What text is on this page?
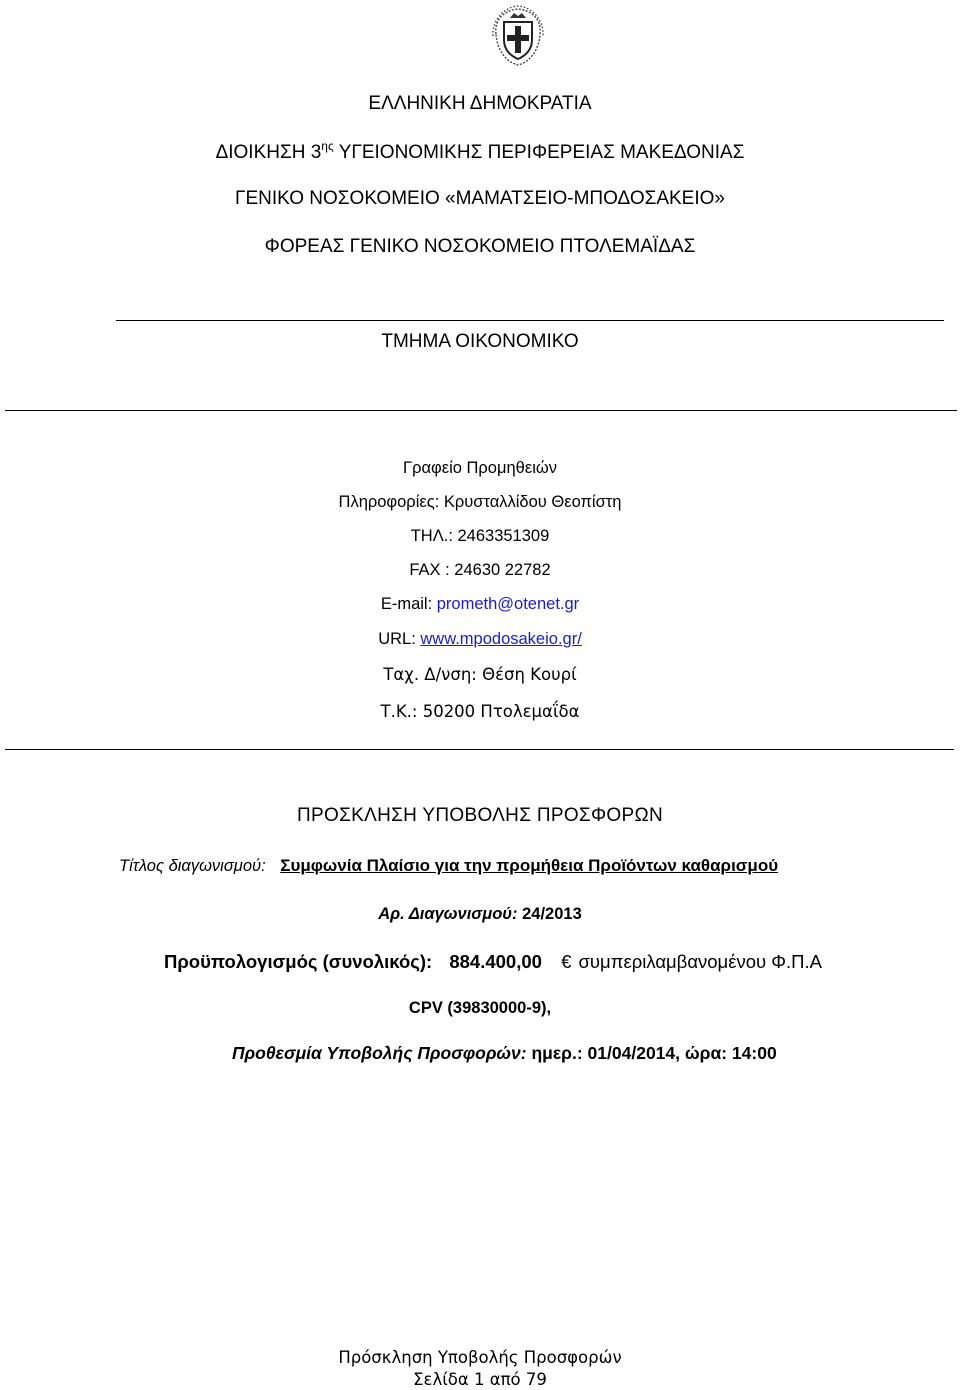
ΕΛΛΗΝΙΚΗ ΔΗΜΟΚΡΑΤΙΑ
ΔΙΟΙΚΗΣΗ $3^{\eta\varsigma}$ ΥΓΕΙΟΝΟΜΙΚΗΣ ΠΕΡΙΦΕΡΕΙΑΣ ΜΑΚΕΔΟΝΙΑΣ
ΓΕΝΙΚΟ ΝΟΣΟΚΟΜΕΙΟ «ΜΑΜΑΤΣΕΙΟ-ΜΠΟΔΟΣΑΚΕΙΟ»
ΦΟΡΕΑΣ ΓΕΝΙΚΟ ΝΟΣΟΚΟΜΕΙΟ ΠΤΟΛΕΜΑΪΔΑΣ
ΤΜΗΜΑ ΟΙΚΟΝΟΜΙΚΟ
Γραφείο Προμηθειών
Πληροφορίες: Κρυσταλλίδου Θεοπίστη
ΤΗΛ.: 2463351309
FAX : 24630 22782
E-mail: prometh@otenet.gr
URL: www.mpodosakeio.gr/
Ταχ. Δ/νση: Θέση Κουρί
Τ.Κ.: 50200 Πτολεμαΐδα
ΠΡΟΣΚΛΗΣΗ ΥΠΟΒΟΛΗΣ ΠΡΟΣΦΟΡΩΝ
Τίτλος διαγωνισμού: Συμφωνία Πλαίσιο για την προμήθεια Προϊόντων καθαρισμού
Αρ. Διαγωνισμού: 24/2013
Προϋπολογισμός (συνολικός): 884.400,00 € συμπεριλαμβανομένου Φ.Π.Α
CPV (39830000-9),
Προθεσμία Υποβολής Προσφορών: ημερ.: 01/04/2014, ώρα: 14:00
Πρόσκληση Υποβολής Προσφορών
Σελίδα 1 από 79
